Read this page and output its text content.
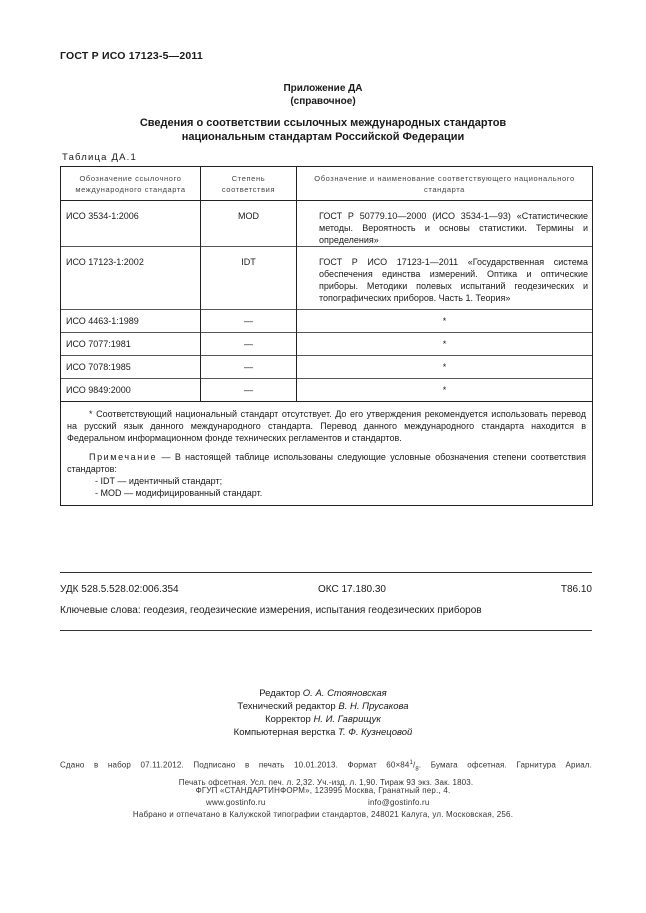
ГОСТ Р ИСО 17123-5—2011
Приложение ДА
(справочное)
Сведения о соответствии ссылочных международных стандартов
национальным стандартам Российской Федерации
Таблица ДА.1
Обозначение ссылочного международного стандарта	Степень соответствия	Обозначение и наименование соответствующего национального стандарта
ИСО 3534-1:2006	MOD	ГОСТ Р 50779.10—2000 (ИСО 3534-1—93) «Статистические методы. Вероятность и основы статистики. Термины и определения»
ИСО 17123-1:2002	IDT	ГОСТ Р ИСО 17123-1—2011 «Государственная система обеспечения единства измерений. Оптика и оптические приборы. Методики полевых испытаний геодезических и топографических приборов. Часть 1. Теория»
ИСО 4463-1:1989	—	*
ИСО 7077:1981	—	*
ИСО 7078:1985	—	*
ИСО 9849:2000	—	*

* Соответствующий национальный стандарт отсутствует. До его утверждения рекомендуется использовать перевод на русский язык данного международного стандарта. Перевод данного международного стандарта находится в Федеральном информационном фонде технических регламентов и стандартов.

Примечание — В настоящей таблице использованы следующие условные обозначения степени соответствия стандартов:

- IDT — идентичный стандарт;

- MOD — модифицированный стандарт.		

УДК 528.5.528.02:006.354	ОКС 17.180.30	Т86.10
Ключевые слова: геодезия, геодезические измерения, испытания геодезических приборов
Редактор О. А. Стояновская
Технический редактор В. Н. Прусакова
Корректор Н. И. Гаврищук
Компьютерная верстка Т. Ф. Кузнецовой
Сдано в набор 07.11.2012. Подписано в печать 10.01.2013. Формат $60\times 84^1/_8$. Бумага офсетная. Гарнитура Ариал.
Печать офсетная. Усл. печ. л. 2,32. Уч.-изд. л. 1,90. Тираж 93 экз. Зак. 1803.
ФГУП «СТАНДАРТИНФОРМ», 123995 Москва, Гранатный пер., 4.
www.gostinfo.ru	info@gostinfo.ru
Набрано и отпечатано в Калужской типографии стандартов, 248021 Калуга, ул. Московская, 256.
